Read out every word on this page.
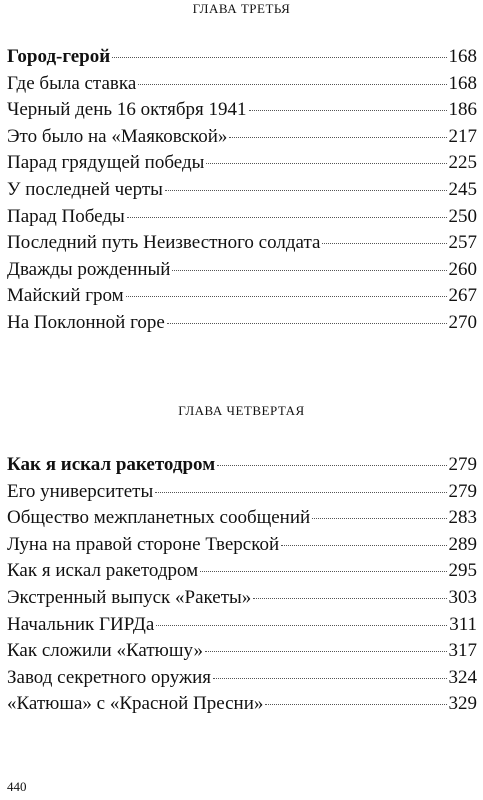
ГЛАВА ТРЕТЬЯ
Город-герой	168
Где была ставка	168
Черный день 16 октября 1941	186
Это было на «Маяковской»	217
Парад грядущей победы	225
У последней черты	245
Парад Победы	250
Последний путь Неизвестного солдата	257
Дважды рожденный	260
Майский гром	267
На Поклонной горе	270
ГЛАВА ЧЕТВЕРТАЯ
Как я искал ракетодром	279
Его университеты	279
Общество межпланетных сообщений	283
Луна на правой стороне Тверской	289
Как я искал ракетодром	295
Экстренный выпуск «Ракеты»	303
Начальник ГИРДа	311
Как сложили «Катюшу»	317
Завод секретного оружия	324
«Катюша» с «Красной Пресни»	329
440
